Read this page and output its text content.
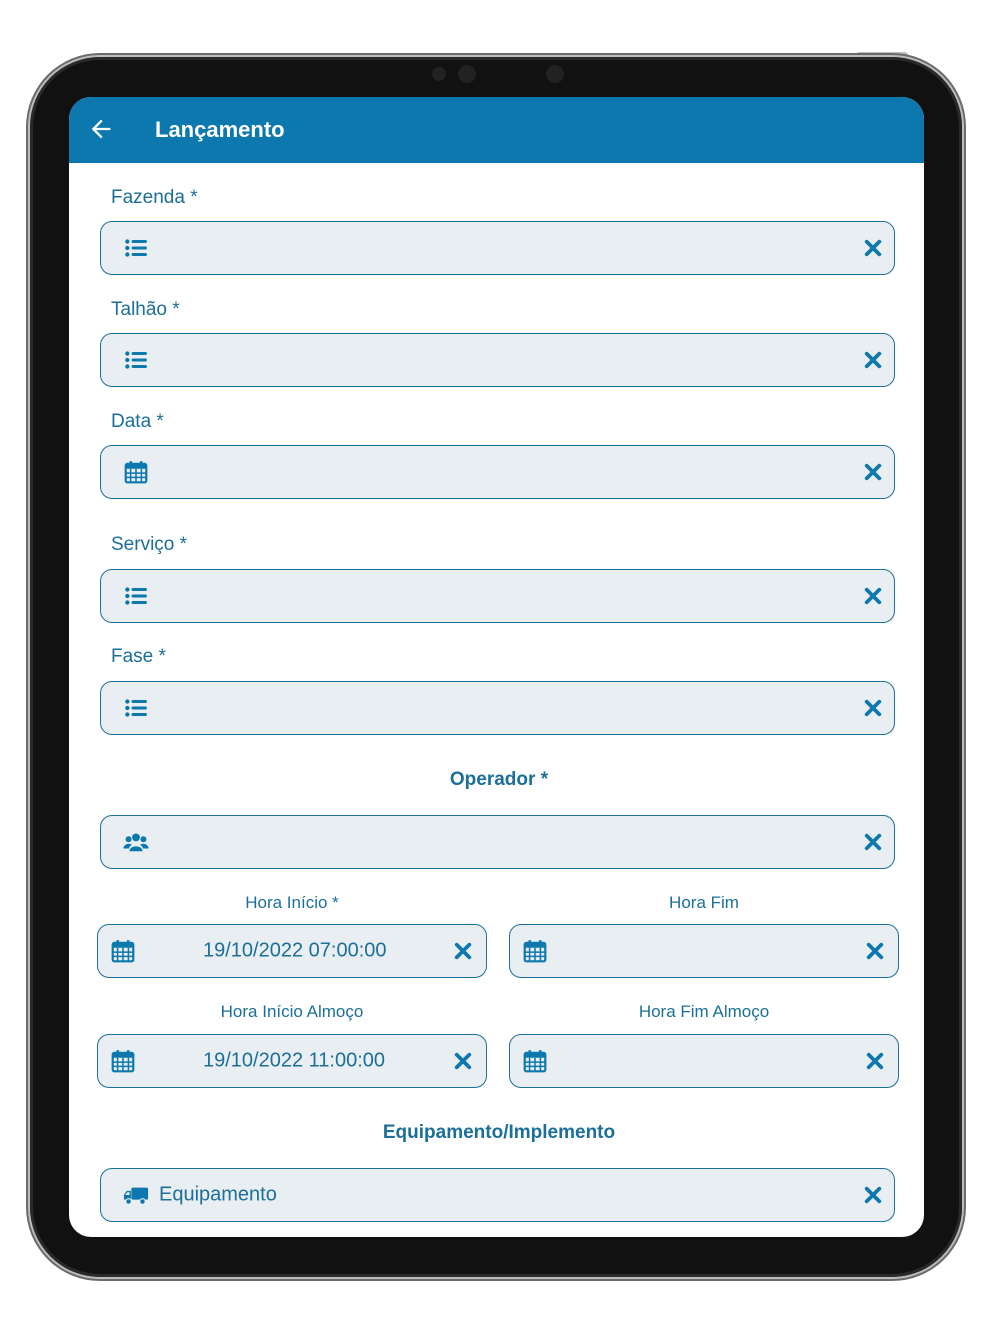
Lançamento
Fazenda *
Talhão *
Data *
Serviço *
Fase *
Operador *
Hora Início *	Hora Fim
19/10/2022 07:00:00
Hora Início Almoço	Hora Fim Almoço
19/10/2022 11:00:00
Equipamento/Implemento
Equipamento
